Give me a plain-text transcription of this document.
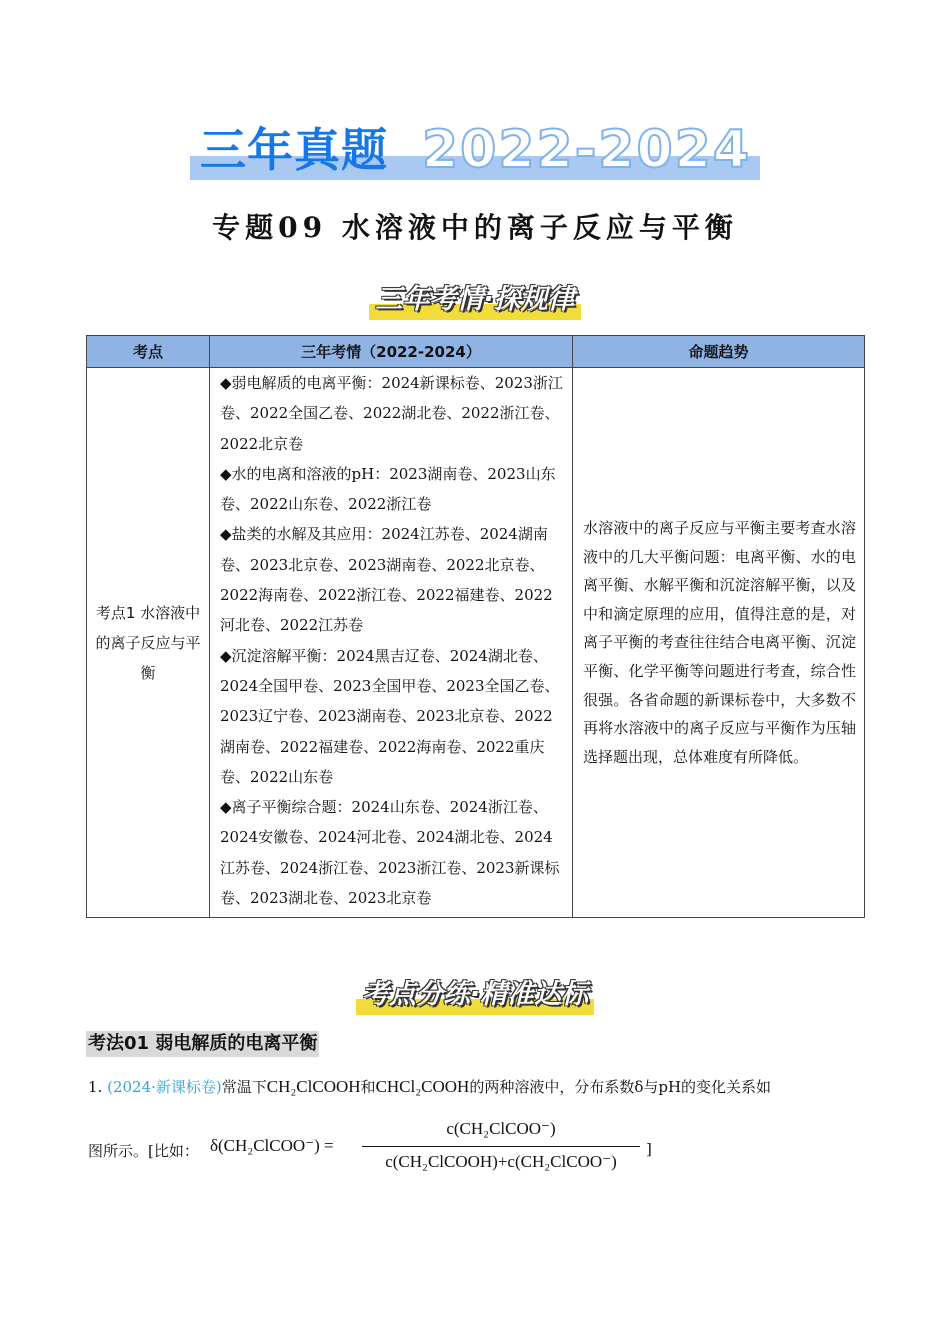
三年真题 2022-2024
专题09 水溶液中的离子反应与平衡
三年考情·探规律
考点	三年考情（2022-2024）	命题趋势
考点1 水溶液中的离子反应与平衡	◆弱电解质的电离平衡：2024新课标卷、2023浙江卷、2022全国乙卷、2022湖北卷、2022浙江卷、2022北京卷
◆水的电离和溶液的pH：2023湖南卷、2023山东卷、2022山东卷、2022浙江卷
◆盐类的水解及其应用：2024江苏卷、2024湖南卷、2023北京卷、2023湖南卷、2022北京卷、2022海南卷、2022浙江卷、2022福建卷、2022河北卷、2022江苏卷
◆沉淀溶解平衡：2024黑吉辽卷、2024湖北卷、2024全国甲卷、2023全国甲卷、2023全国乙卷、2023辽宁卷、2023湖南卷、2023北京卷、2022湖南卷、2022福建卷、2022海南卷、2022重庆卷、2022山东卷
◆离子平衡综合题：2024山东卷、2024浙江卷、2024安徽卷、2024河北卷、2024湖北卷、2024江苏卷、2024浙江卷、2023浙江卷、2023新课标卷、2023湖北卷、2023北京卷	水溶液中的离子反应与平衡主要考查水溶液中的几大平衡问题：电离平衡、水的电离平衡、水解平衡和沉淀溶解平衡，以及中和滴定原理的应用，值得注意的是，对离子平衡的考查往往结合电离平衡、沉淀平衡、化学平衡等问题进行考查，综合性很强。各省命题的新课标卷中，大多数不再将水溶液中的离子反应与平衡作为压轴选择题出现，总体难度有所降低。
考点分练·精准达标
考法01 弱电解质的电离平衡
1. (2024·新课标卷)常温下CH₂ClCOOH和CHCl₂COOH的两种溶液中，分布系数δ与pH的变化关系如
图所示。[比如： δ(CH₂ClCOO⁻) =
c(CH₂ClCOO⁻)
c(CH₂ClCOOH)+c(CH₂ClCOO⁻)
]
